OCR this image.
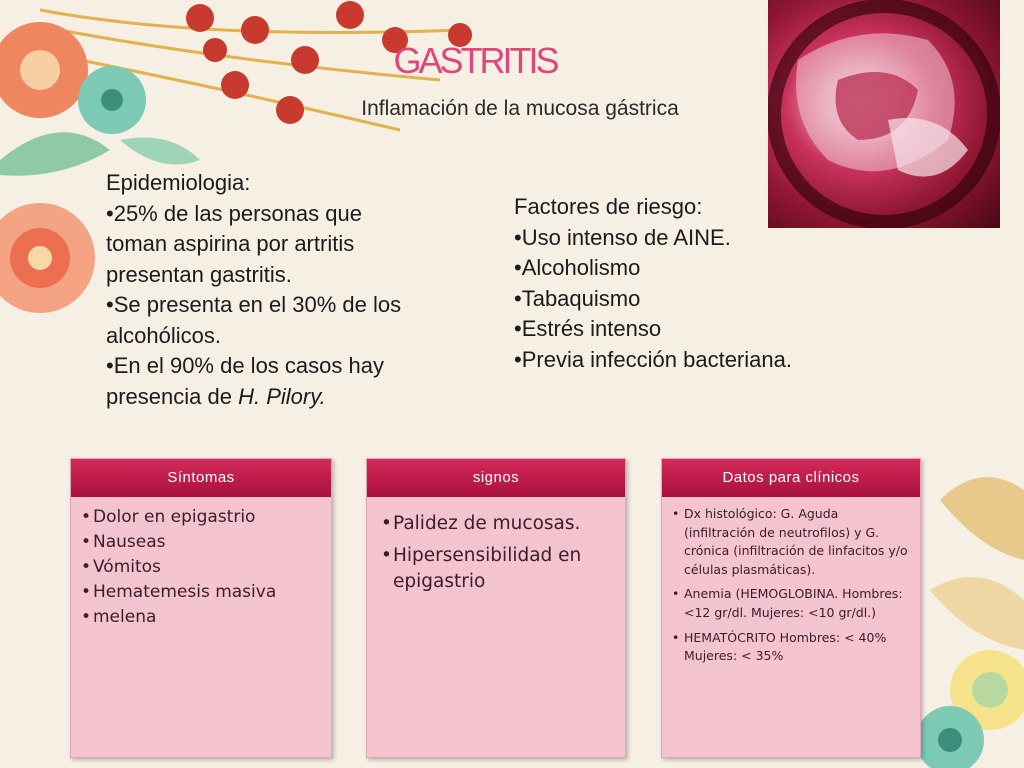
GASTRITIS
Inflamación de la mucosa gástrica
Epidemiologia:
•25% de las personas que
toman aspirina por artritis
presentan gastritis.
•Se presenta en el 30% de los
alcohólicos.
•En el 90% de los casos hay
presencia de H. Pilory.
Factores de riesgo:
•Uso intenso de AINE.
•Alcoholismo
•Tabaquismo
•Estrés intenso
•Previa infección bacteriana.
Síntomas
• Dolor en epigastrio
• Nauseas
• Vómitos
• Hematemesis masiva
• melena
signos
• Palidez de mucosas.
• Hipersensibilidad en epigastrio
Datos para clínicos
• Dx histológico: G. Aguda (infiltración de neutrofilos) y G. crónica (infiltración de linfacitos y/o células plasmáticas).
• Anemia (HEMOGLOBINA. Hombres: <12 gr/dl. Mujeres: <10 gr/dl.)
• HEMATÓCRITO Hombres: < 40% Mujeres: < 35%
